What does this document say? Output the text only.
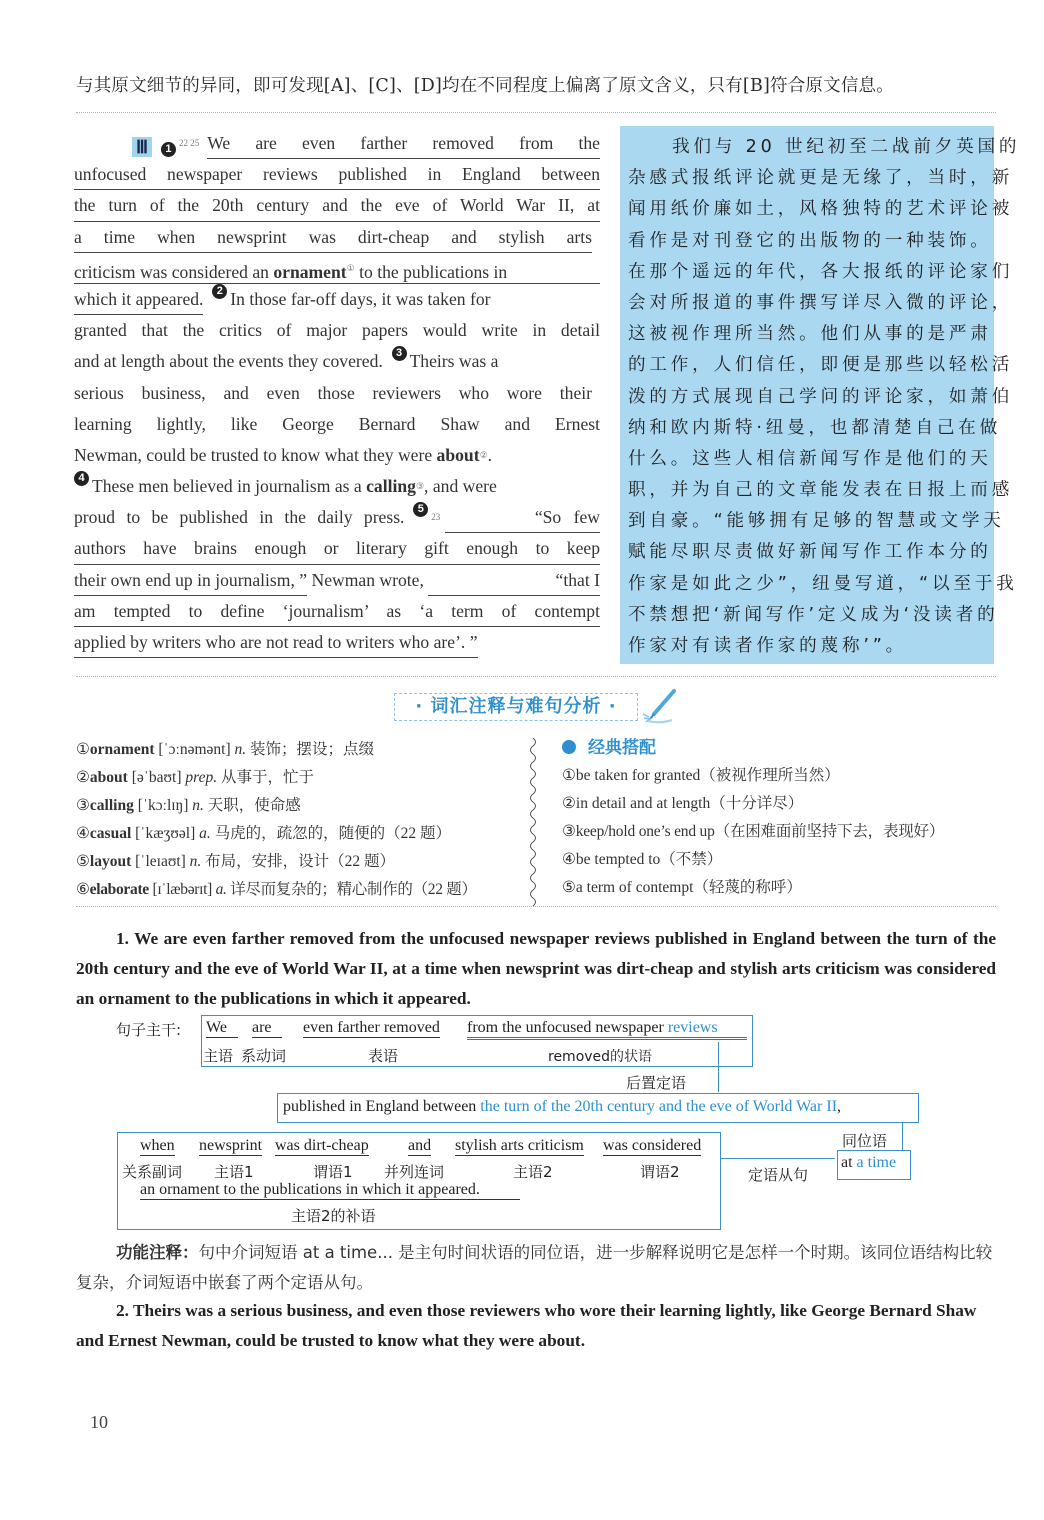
与其原文细节的异同，即可发现[A]、[C]、[D]均在不同程度上偏离了原文含义，只有[B]符合原文信息。
Ⅲ 1 $^{22 25}$ We are even farther removed from the
unfocused newspaper reviews published in England between
the turn of the 20th century and the eve of World War II, at
a time when newsprint was dirt-cheap and stylish arts
criticism was considered an ornament① to the publications in
which it appeared.
	2 In those far-off days, it was taken for
granted that the critics of major papers would write in detail
and at length about the events they covered.
	3 Theirs was a
serious business, and even those reviewers who wore their
learning lightly, like George Bernard Shaw and Ernest
Newman, could be trusted to know what they were
about ② .
4 These men believed in journalism as a
calling ③ , and were
proud to be published in the daily press.
	5
23
	“So few
authors have brains enough or literary gift enough to keep
their own end up in journalism, ”
Newman wrote,
	“that I
am tempted to define ‘journalism’ as ‘a term of contempt
applied by writers who are not read to writers who are’. ”
我们与 20 世纪初至二战前夕英国的
杂感式报纸评论就更是无缘了，当时，新
闻用纸价廉如土，风格独特的艺术评论被
看作是对刊登它的出版物的一种装饰。
在那个遥远的年代，各大报纸的评论家们
会对所报道的事件撰写详尽入微的评论，
这被视作理所当然。他们从事的是严肃
的工作，人们信任，即便是那些以轻松活
泼的方式展现自己学问的评论家，如萧伯
纳和欧内斯特·纽曼，也都清楚自己在做
什么。这些人相信新闻写作是他们的天
职，并为自己的文章能发表在日报上而感
到自豪。“能够拥有足够的智慧或文学天
赋能尽职尽责做好新闻写作工作本分的
作家是如此之少”，纽曼写道，“以至于我
不禁想把‘新闻写作’定义成为‘没读者的
作家对有读者作家的蔑称’”。
· 词汇注释与难句分析 ·
①ornament [ˈɔːnəmənt] n. 装饰；摆设；点缀
②about [əˈbaʊt] prep. 从事于，忙于
③calling [ˈkɔːlɪŋ] n. 天职，使命感
④casual [ˈkæʒʊəl] a. 马虎的，疏忽的，随便的（22 题）
⑤layout [ˈleɪaʊt] n. 布局，安排，设计（22 题）
⑥elaborate [ɪˈlæbərɪt] a. 详尽而复杂的；精心制作的（22 题）
经典搭配
①be taken for granted（被视作理所当然）
②in detail and at length（十分详尽）
③keep/hold one’s end up（在困难面前坚持下去，表现好）
④be tempted to（不禁）
⑤a term of contempt（轻蔑的称呼）
1. We are even farther removed from the unfocused newspaper reviews published in England between the turn of the 20th century and the eve of World War II, at a time when newsprint was dirt-cheap and stylish arts criticism was considered an ornament to the publications in which it appeared.
句子主干: We	are	even farther removed from the unfocused newspaper reviews
主语 系动词	表语	removed的状语
后置定语
published in England between the turn of the 20th century and the eve of World War II,
同位语
at a time
定语从句
when newsprint was dirt-cheap and stylish arts criticism was considered
关系副词 主语1	谓语1 并列连词	主语2	谓语2
an ornament to the publications in which it appeared.
主语2的补语
功能注释：句中介词短语 at a time... 是主句时间状语的同位语，进一步解释说明它是怎样一个时期。该同位语结构比较复杂，介词短语中嵌套了两个定语从句。
2. Theirs was a serious business, and even those reviewers who wore their learning lightly, like George Bernard Shaw and Ernest Newman, could be trusted to know what they were about.
10
